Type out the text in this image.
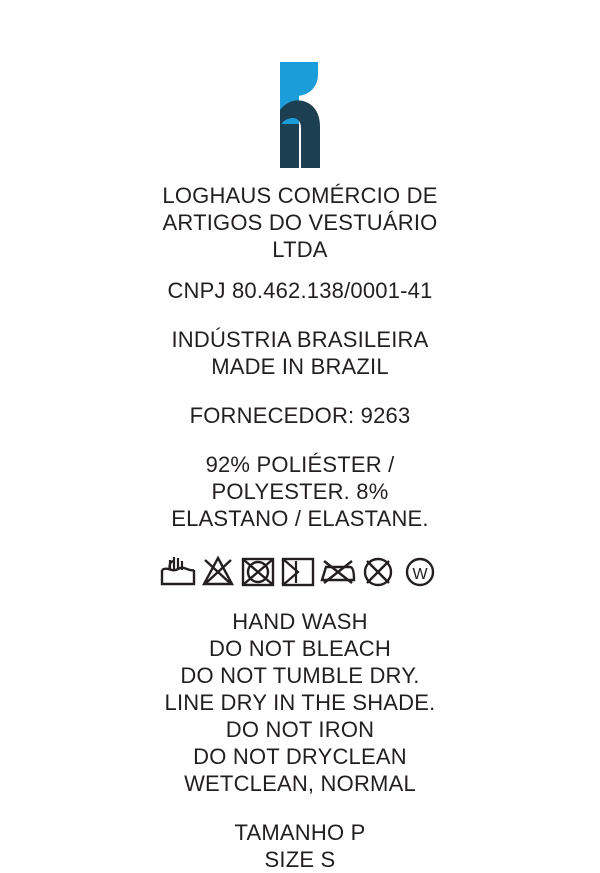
LOGHAUS COMÉRCIO DE
ARTIGOS DO VESTUÁRIO
LTDA
CNPJ 80.462.138/0001-41
INDÚSTRIA BRASILEIRA
MADE IN BRAZIL
FORNECEDOR: 9263
92% POLIÉSTER /
POLYESTER. 8%
ELASTANO / ELASTANE.
W
HAND WASH
DO NOT BLEACH
DO NOT TUMBLE DRY.
LINE DRY IN THE SHADE.
DO NOT IRON
DO NOT DRYCLEAN
WETCLEAN, NORMAL
TAMANHO P
SIZE S
